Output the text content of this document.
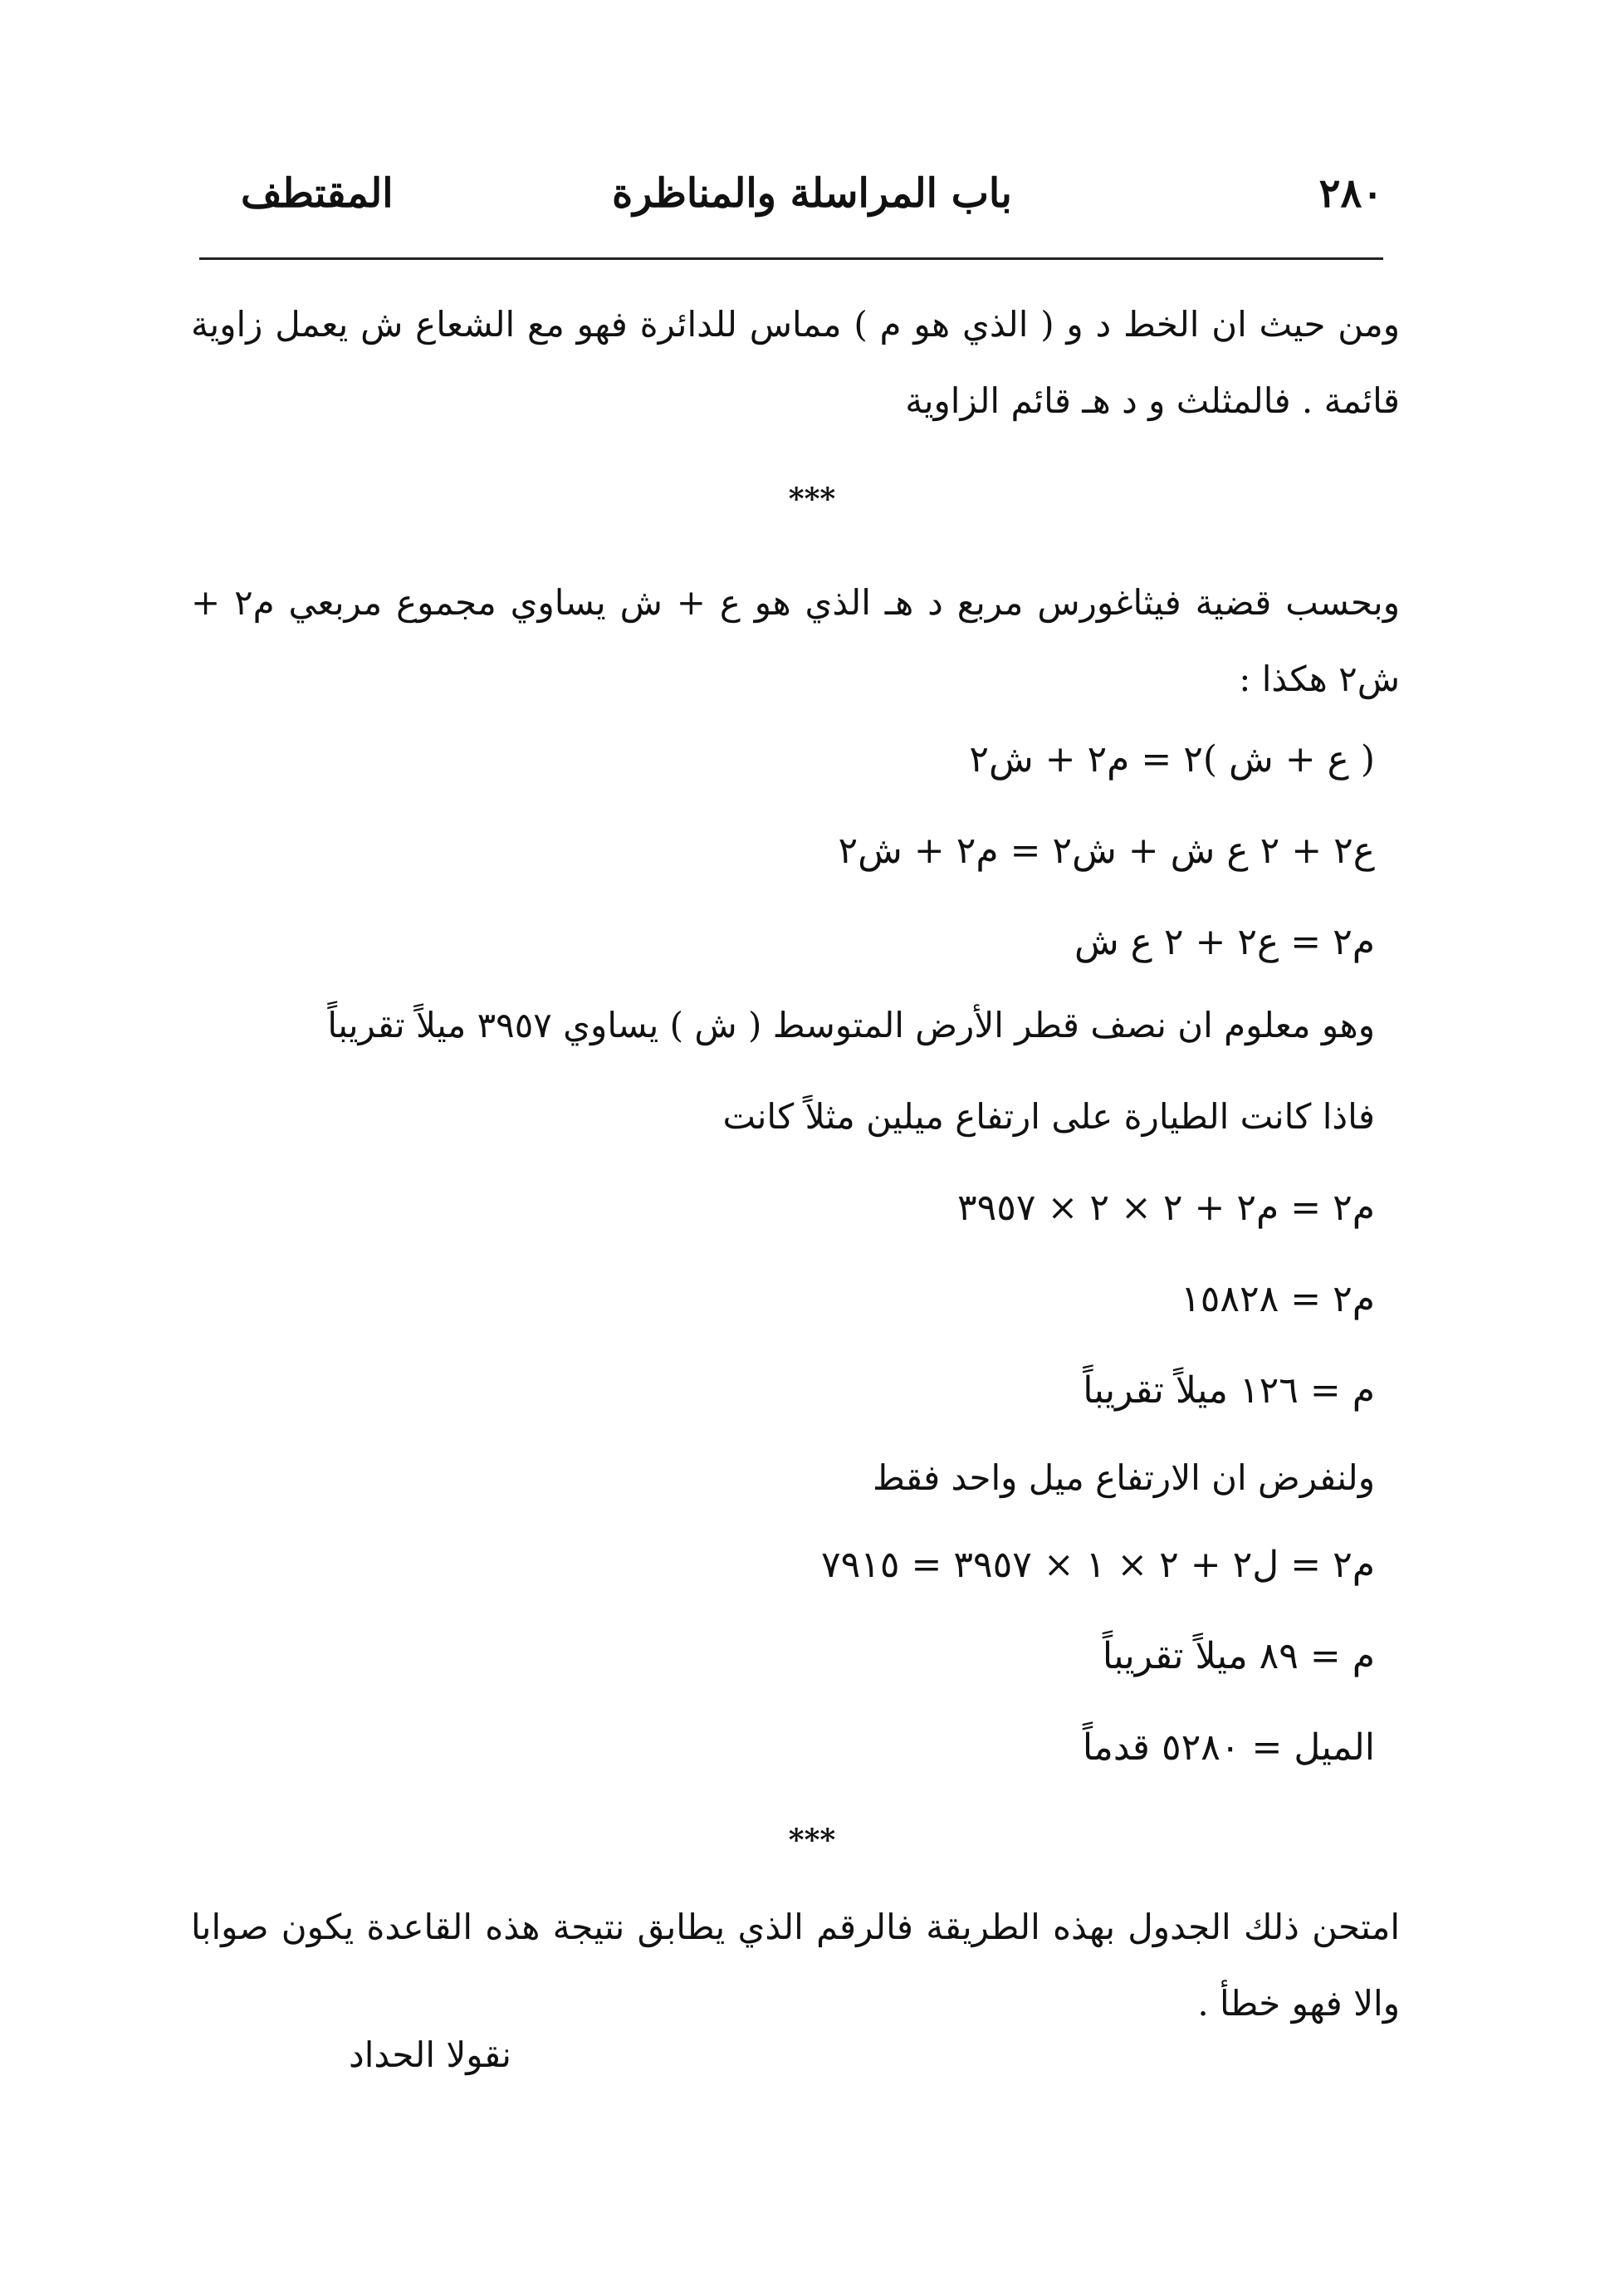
٢٨٠
باب المراسلة والمناظرة
المقتطف

ومن حيث ان الخط د و ( الذي هو م ) مماس للدائرة فهو مع الشعاع ش يعمل زاوية قائمة . فالمثلث و د هـ قائم الزاوية

***

وبحسب قضية فيثاغورس مربع د هـ الذي هو ع + ش يساوي مجموع مربعي م٢ + ش٢ هكذا :

( ع + ش )٢ = م٢ + ش٢
ع٢ + ٢ ع ش + ش٢ = م٢ + ش٢
م٢ = ع٢ + ٢ ع ش
وهو معلوم ان نصف قطر الأرض المتوسط ( ش ) يساوي ٣٩٥٧ ميلاً تقريباً
فاذا كانت الطيارة على ارتفاع ميلين مثلاً كانت
م٢ = م٢ + ٢ × ٢ × ٣٩٥٧
م٢ = ١٥٨٢٨
م = ١٢٦ ميلاً تقريباً
ولنفرض ان الارتفاع ميل واحد فقط
م٢ = ل٢ + ٢ × ١ × ٣٩٥٧ = ٧٩١٥
م = ٨٩ ميلاً تقريباً
الميل = ٥٢٨٠ قدماً
***

امتحن ذلك الجدول بهذه الطريقة فالرقم الذي يطابق نتيجة هذه القاعدة يكون صوابا والا فهو خطأ .

نقولا الحداد
